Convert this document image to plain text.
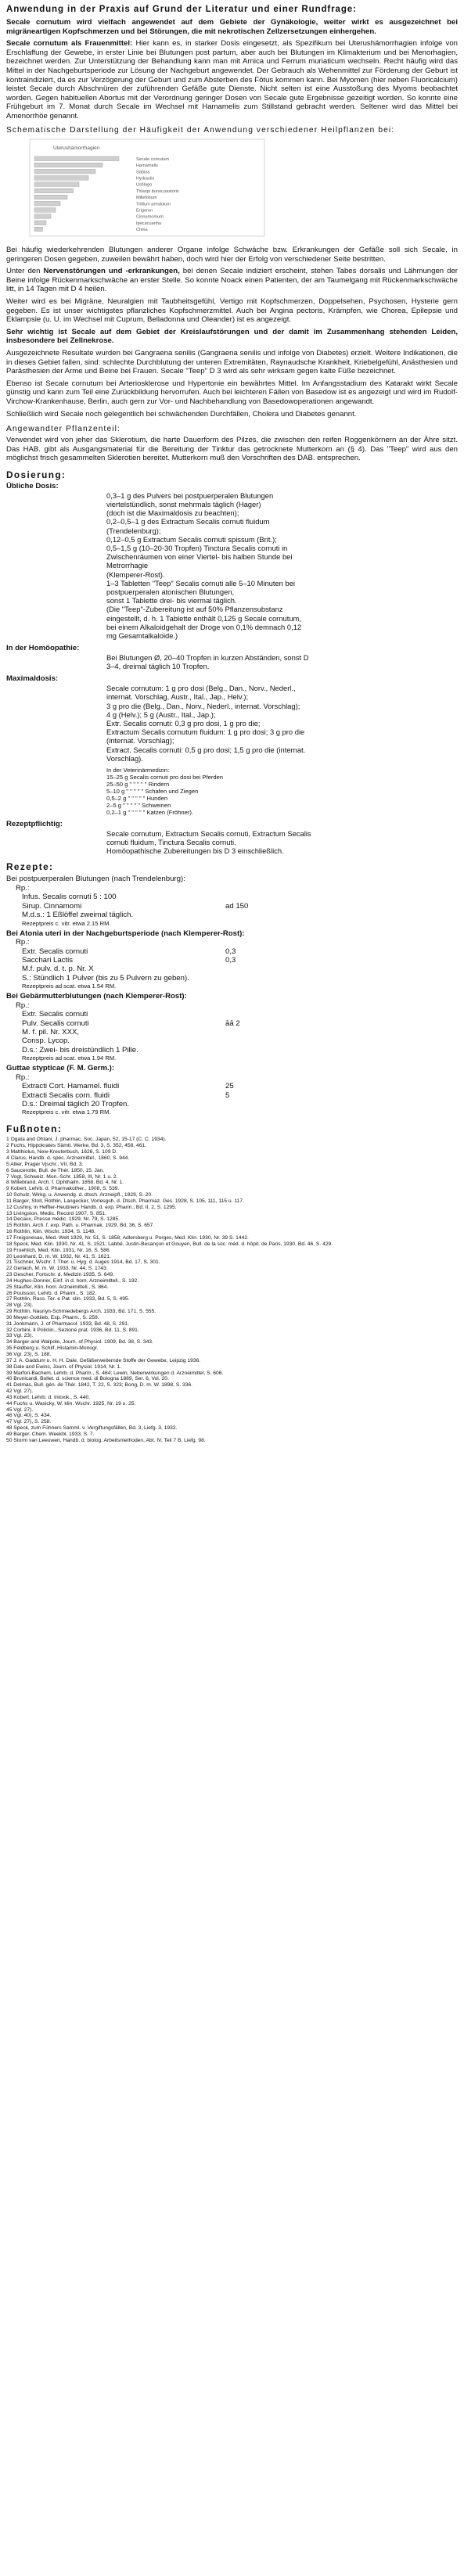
Anwendung in der Praxis auf Grund der Literatur und einer Rundfrage:

Secale cornutum wird vielfach angewendet auf dem Gebiete der Gynäkologie, weiter wirkt es ausgezeichnet bei migräneartigen Kopfschmerzen und bei Störungen, die mit nekrotischen Zellzersetzungen einhergehen.

Secale cornutum als Frauenmittel: Hier kann es, in starker Dosis eingesetzt, als Spezifikum bei Uterushämorrhagien infolge von Erschlaffung der Gewebe, in erster Linie bei Blutungen post partum, aber auch bei Blutungen im Klimakterium und bei Menorhagien, bezeichnet werden. Zur Unterstützung der Behandlung kann man mit Arnica und Ferrum muriaticum wechseln. Recht häufig wird das Mittel in der Nachgeburtsperiode zur Lösung der Nachgeburt angewendet. Der Gebrauch als Wehenmittel zur Förderung der Geburt ist kontraindiziert, da es zur Verzögerung der Geburt und zum Absterben des Fötus kommen kann. Bei Myomen (hier neben Fluoricalcium) leistet Secale durch Abschnüren der zuführenden Gefäße gute Dienste. Nicht selten ist eine Ausstoßung des Myoms beobachtet worden. Gegen habituellen Abortus mit der Verordnung geringer Dosen von Secale gute Ergebnisse gezeitigt worden. So konnte eine Frühgeburt im 7. Monat durch Secale im Wechsel mit Hamamelis zum Stillstand gebracht werden. Seltener wird das Mittel bei Amenorrhöe genannt.

Schematische Darstellung der Häufigkeit der Anwendung verschiedener Heilpflanzen bei:
Uterushämorrhagien
Secale cornutum
Hamamelis
Sabina
Hydrastis
Ustilago
Thlaspi bursa pastoris
Millefolium
Trillium pendulum
Erigeron
Cinnamomum
Ipecacuanha
China

Bei häufig wiederkehrenden Blutungen anderer Organe infolge Schwäche bzw. Erkrankungen der Gefäße soll sich Secale, in geringeren Dosen gegeben, zuweilen bewährt haben, doch wird hier der Erfolg von verschiedener Seite bestritten.

Unter den Nervenstörungen und -erkrankungen, bei denen Secale indiziert erscheint, stehen Tabes dorsalis und Lähmungen der Beine infolge Rückenmarkschwäche an erster Stelle. So konnte Noack einen Patienten, der am Taumelgang mit Rückenmarkschwäche litt, in 14 Tagen mit D 4 heilen.

Weiter wird es bei Migräne, Neuralgien mit Taubheitsgefühl, Vertigo mit Kopfschmerzen, Doppelsehen, Psychosen, Hysterie gern gegeben. Es ist unser wichtigstes pflanzliches Kopfschmerzmittel. Auch bei Angina pectoris, Krämpfen, wie Chorea, Epilepsie und Eklampsie (u. U. im Wechsel mit Cuprum, Belladonna und Oleander) ist es angezeigt.

Sehr wichtig ist Secale auf dem Gebiet der Kreislaufstörungen und der damit im Zusammenhang stehenden Leiden, insbesondere bei Zellnekrose.

Ausgezeichnete Resultate wurden bei Gangraena senilis (Gangraena senilis und infolge von Diabetes) erzielt. Weitere Indikationen, die in dieses Gebiet fallen, sind: schlechte Durchblutung der unteren Extremitäten, Raynaudsche Krankheit, Kriebelgefühl, Anästhesien und Parästhesien der Arme und Beine bei Frauen. Secale "Teep" D 3 wird als sehr wirksam gegen kalte Füße bezeichnet.

Ebenso ist Secale cornutum bei Arteriosklerose und Hypertonie ein bewährtes Mittel. Im Anfangsstadium des Katarakt wirkt Secale günstig und kann zum Teil eine Zurückbildung hervorrufen. Auch bei leichteren Fällen von Basedow ist es angezeigt und wird im Rudolf-Virchow-Krankenhause, Berlin, auch gern zur Vor- und Nachbehandlung von Basedowoperationen angewandt.

Schließlich wird Secale noch gelegentlich bei schwächenden Durchfällen, Cholera und Diabetes genannt.

Angewandter Pflanzenteil:

Verwendet wird von jeher das Sklerotium, die harte Dauerform des Pilzes, die zwischen den reifen Roggenkörnern an der Ähre sitzt. Das HAB. gibt als Ausgangsmaterial für die Bereitung der Tinktur das getrocknete Mutterkorn an (§ 4). Das "Teep" wird aus den möglichst frisch gesammelten Sklerotien bereitet. Mutterkorn muß den Vorschriften des DAB. entsprechen.

Dosierung:
Übliche Dosis:
0,3–1 g des Pulvers bei postpuerperalen Blutungen
viertelstündlich, sonst mehrmals täglich (Hager)
(doch ist die Maximaldosis zu beachten);
0,2–0,5–1 g des Extractum Secalis cornuti fluidum
(Trendelenburg);
0,12–0,5 g Extractum Secalis cornuti spissum (Brit.);
0,5–1,5 g (10–20-30 Tropfen) Tinctura Secalis cornuti in
Zwischenräumen von einer Viertel- bis halben Stunde bei
Metrorrhagie
(Klemperer-Rost).
1–3 Tabletten "Teep" Secalis cornuti alle 5–10 Minuten bei
postpuerperalen atonischen Blutungen,
sonst 1 Tablette drei- bis viermal täglich.
(Die "Teep"-Zubereitung ist auf 50% Pflanzensubstanz
eingestellt, d. h. 1 Tablette enthält 0,125 g Secale cornutum,
bei einem Alkaloidgehalt der Droge von 0,1% demnach 0,12
mg Gesamtalkaloide.)
In der Homöopathie:
Bei Blutungen Ø, 20–40 Tropfen in kurzen Abständen, sonst D
3–4, dreimal täglich 10 Tropfen.
Maximaldosis:
Secale cornutum: 1 g pro dosi (Belg., Dan., Norv., Nederl.,
internat. Vorschlag, Austr., Ital., Jap., Helv.);
3 g pro die (Belg., Dan., Norv., Nederl., internat. Vorschlag);
4 g (Helv.); 5 g (Austr., Ital., Jap.);
Extr. Secalis cornuti: 0,3 g pro dosi, 1 g pro die;
Extractum Secalis cornutum fluidum: 1 g pro dosi; 3 g pro die
(internat. Vorschlag);
Extract. Secalis cornuti: 0,5 g pro dosi; 1,5 g pro die (internat.
Vorschlag).
In der Veterinärmedizin:
15–25 g Secalis cornuti pro dosi bei Pferden
25–50 g " " " " " Rindern
5–10 g " " " " " Schafen und Ziegen
0,5–2 g " " " " " Hunden
2–5 g " " " " " Schweinen
0,2–1 g " " " " " Katzen (Fröhner).
Rezeptpflichtig:
Secale cornutum, Extractum Secalis cornuti, Extractum Secalis
cornuti fluidum, Tinctura Secalis cornuti.
Homöopathische Zubereitungen bis D 3 einschließlich.
Rezepte:
Bei postpuerperalen Blutungen (nach Trendelenburg):
Rp.:
Infus. Secalis cornuti 5 : 100
Sirup. Cinnamomi	ad 150
M.d.s.: 1 Eßlöffel zweimal täglich.
Rezeptpreis c. vitr. etwa 2.15 RM.
Bei Atonia uteri in der Nachgeburtsperiode (nach Klemperer-Rost):
Rp.:
Extr. Secalis cornuti	0,3
Sacchari Lactis	0,3
M.f. pulv. d. t. p. Nr. X
S.: Stündlich 1 Pulver (bis zu 5 Pulvern zu geben).
Rezeptpreis ad scat. etwa 1.54 RM.
Bei Gebärmutterblutungen (nach Klemperer-Rost):
Rp.:
Extr. Secalis cornuti
Pulv. Secalis cornuti	āā 2
M. f. pil. Nr. XXX,
Consp. Lycop.
D.s.: Zwei- bis dreistündlich 1 Pille.
Rezeptpreis ad scat. etwa 1.94 RM.
Guttae stypticae (F. M. Germ.):
Rp.:
Extracti Cort. Hamamel. fluidi	25
Extracti Secalis corn. fluidi	5
D.s.: Dreimal täglich 20 Tropfen.
Rezeptpreis c. vitr. etwa 1.79 RM.
Fußnoten:
1 Ogata and Ohtani, J. pharmac. Soc. Japan, 52, 15-17 (C. C. 1934).
2 Fuchs, Hippokrates Sämtl. Werke, Bd. 3, S. 352, 458, 461.
3 Matthiolus, New-Kreuterbuch, 1626, S. 109 D.
4 Clarus, Handb. d. spec. Arzneimittel., 1860, S. 944.
5 Allier, Prager Vjschr., VII, Bd. 3.
6 Saucerotte, Bull. de Thér. 1850, 15. Jan.
7 Vogt, Schweiz. Mon.-Schr. 1858, III, Nr. 1 u. 2.
8 Willebrand, Arch. f. Ophthalm. 1858, Bd. 4, Nr. 1.
9 Kobert, Lehrb. d. Pharmakother., 1908, S. 539.
10 Schulz, Wirkg. u. Anwendg. d. dtsch. Arzneipfl., 1929, S. 20.
11 Barger, Stoll, Rothlin, Langecker, Vorlesgsh. d. Dtsch. Pharmaz. Ges. 1928, S. 105, 111, 115 u. 117.
12 Cushny, in Heffter-Heubners Handb. d. exp. Pharm., Bd. II, 2, S. 1295.
13 Livingston, Medic. Record 1907, S. 851.
14 Decaux, Presse médic. 1929, Nr. 79, S. 1285.
15 Rothlin, Arch. f. exp. Path. u. Pharmak. 1929, Bd. 36, S. 657.
16 Rothlin, Klin. Wschr. 1934, S. 1148.
17 Freigonesau, Med. Welt 1929, Nr. 51, S. 1858; Adlersberg u. Porges, Med. Klin. 1930, Nr. 39 S. 1442.
18 Speck, Med. Klin. 1930, Nr. 41, S. 1521; Labbé, Justin-Besançon et Gouyen, Bull. de la soc. méd. d. hôpit. de Paris, 1930, Bd. 46, S. 429.
19 Froehlich, Med. Klin. 1931, Nr. 16, S. 586.
20 Leonhard, D. m. W. 1932, Nr. 41, S. 1621.
21 Tischner, Wschr. f. Ther. u. Hyg. d. Auges 1914, Bd. 17, S. 301.
22 Gerlach, M. m. W. 1933, Nr. 44, S. 1743.
23 Gescher, Fortschr. d. Medizin 1935, S. 649.
24 Hughes-Donner, Einf. in d. hom. Arzneimittell., S. 192.
25 Stauffer, Klin. hom. Arzneimittell., S. 864.
26 Poulsson, Lehrb. d. Pharm., S. 182.
27 Rothlin, Rass. Ter. e Pat. clin. 1933, Bd. 5, S. 495.
28 Vgl. 23).
29 Rothlin, Naunyn-Schmiedebergs Arch. 1933, Bd. 171, S. 555.
30 Meyer-Gottlieb, Exp. Pharm., S. 259.
31 Jonkmann, J. of Pharmacol. 1933, Bd. 48, S. 291.
32 Corbini, Il Policlin., Sezione prat. 1936, Bd. 11, S. 891.
33 Vgl. 23).
34 Barger and Walpole, Journ. of Physiol. 1909, Bd. 38, S. 343.
35 Feldberg u. Schilf, Histamin-Monogr.
36 Vgl. 23), S. 188.
37 J. A. Gaddum u. H. H. Dale, Gefäßerweiternde Stoffe der Gewebe, Leipzig 1936.
38 Dale and Ewins, Journ. of Physiol. 1914, Nr. 1.
39 Marfori-Bachem, Lehrb. d. Pharm., S. 464; Lewin, Nebenwirkungen d. Arzneimittel, S. 606.
40 Brunicardi, Bollet. d. science med. di Bologna 1889, Ser. 6, Vol. 20.
41 Delmas, Bull. gén. de Thér. 1842, T. 22, S. 323; Bong, D. m. W. 1898, S. 336.
42 Vgl. 27).
43 Kobert, Lehrb. d. Intoxik., S. 440.
44 Fuchs u. Wasicky, W. klin. Wschr. 1925, Nr. 19 u. 25.
45 Vgl. 27).
46 Vgl. 40), S. 434.
47 Vgl. 27), S. 258.
48 Speck, zum Fühners Samml. v. Vergiftungsfällen, Bd. 3, Liefg. 3, 1932.
49 Barger, Chem. Weekbl. 1933, S. 7.
50 Storm van Leeuwen, Handb. d. biolog. Arbeitsmethoden, Abt. IV, Teil 7 B, Liefg. 98.
